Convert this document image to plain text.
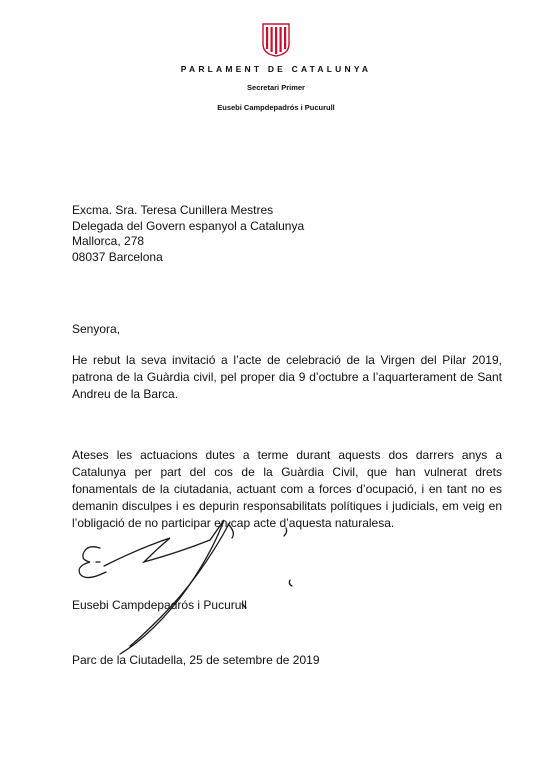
PARLAMENT DE CATALUNYA
Secretari Primer
Eusebi Campdepadrós i Pucurull
Excma. Sra. Teresa Cunillera Mestres
Delegada del Govern espanyol a Catalunya
Mallorca, 278
08037 Barcelona
Senyora,
He rebut la seva invitació a l’acte de celebració de la Virgen del Pilar 2019, patrona de la Guàrdia civil, pel proper dia 9 d’octubre a l’aquarterament de Sant Andreu de la Barca.
Ateses les actuacions dutes a terme durant aquests dos darrers anys a Catalunya per part del cos de la Guàrdia Civil, que han vulnerat drets fonamentals de la ciutadania, actuant com a forces d’ocupació, i en tant no es demanin disculpes i es depurin responsabilitats polítiques i judicials, em veig en l’obligació de no participar en cap acte d’aquesta naturalesa.
Eusebi Campdepadrós i Pucurull
Parc de la Ciutadella, 25 de setembre de 2019
